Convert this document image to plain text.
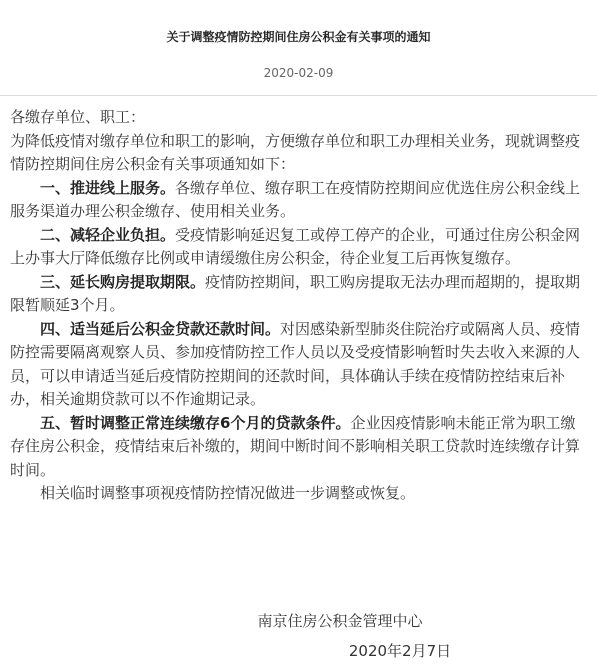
关于调整疫情防控期间住房公积金有关事项的通知
2020-02-09

各缴存单位、职工：

为降低疫情对缴存单位和职工的影响，方便缴存单位和职工办理相关业务，现就调整疫情防控期间住房公积金有关事项通知如下：

一、推进线上服务。各缴存单位、缴存职工在疫情防控期间应优选住房公积金线上服务渠道办理公积金缴存、使用相关业务。

二、减轻企业负担。受疫情影响延迟复工或停工停产的企业，可通过住房公积金网上办事大厅降低缴存比例或申请缓缴住房公积金，待企业复工后再恢复缴存。

三、延长购房提取期限。疫情防控期间，职工购房提取无法办理而超期的，提取期限暂顺延3个月。

四、适当延后公积金贷款还款时间。对因感染新型肺炎住院治疗或隔离人员、疫情防控需要隔离观察人员、参加疫情防控工作人员以及受疫情影响暂时失去收入来源的人员，可以申请适当延后疫情防控期间的还款时间，具体确认手续在疫情防控结束后补办，相关逾期贷款可以不作逾期记录。

五、暂时调整正常连续缴存6个月的贷款条件。企业因疫情影响未能正常为职工缴存住房公积金，疫情结束后补缴的，期间中断时间不影响相关职工贷款时连续缴存计算时间。

相关临时调整事项视疫情防控情况做进一步调整或恢复。

南京住房公积金管理中心
2020年2月7日
